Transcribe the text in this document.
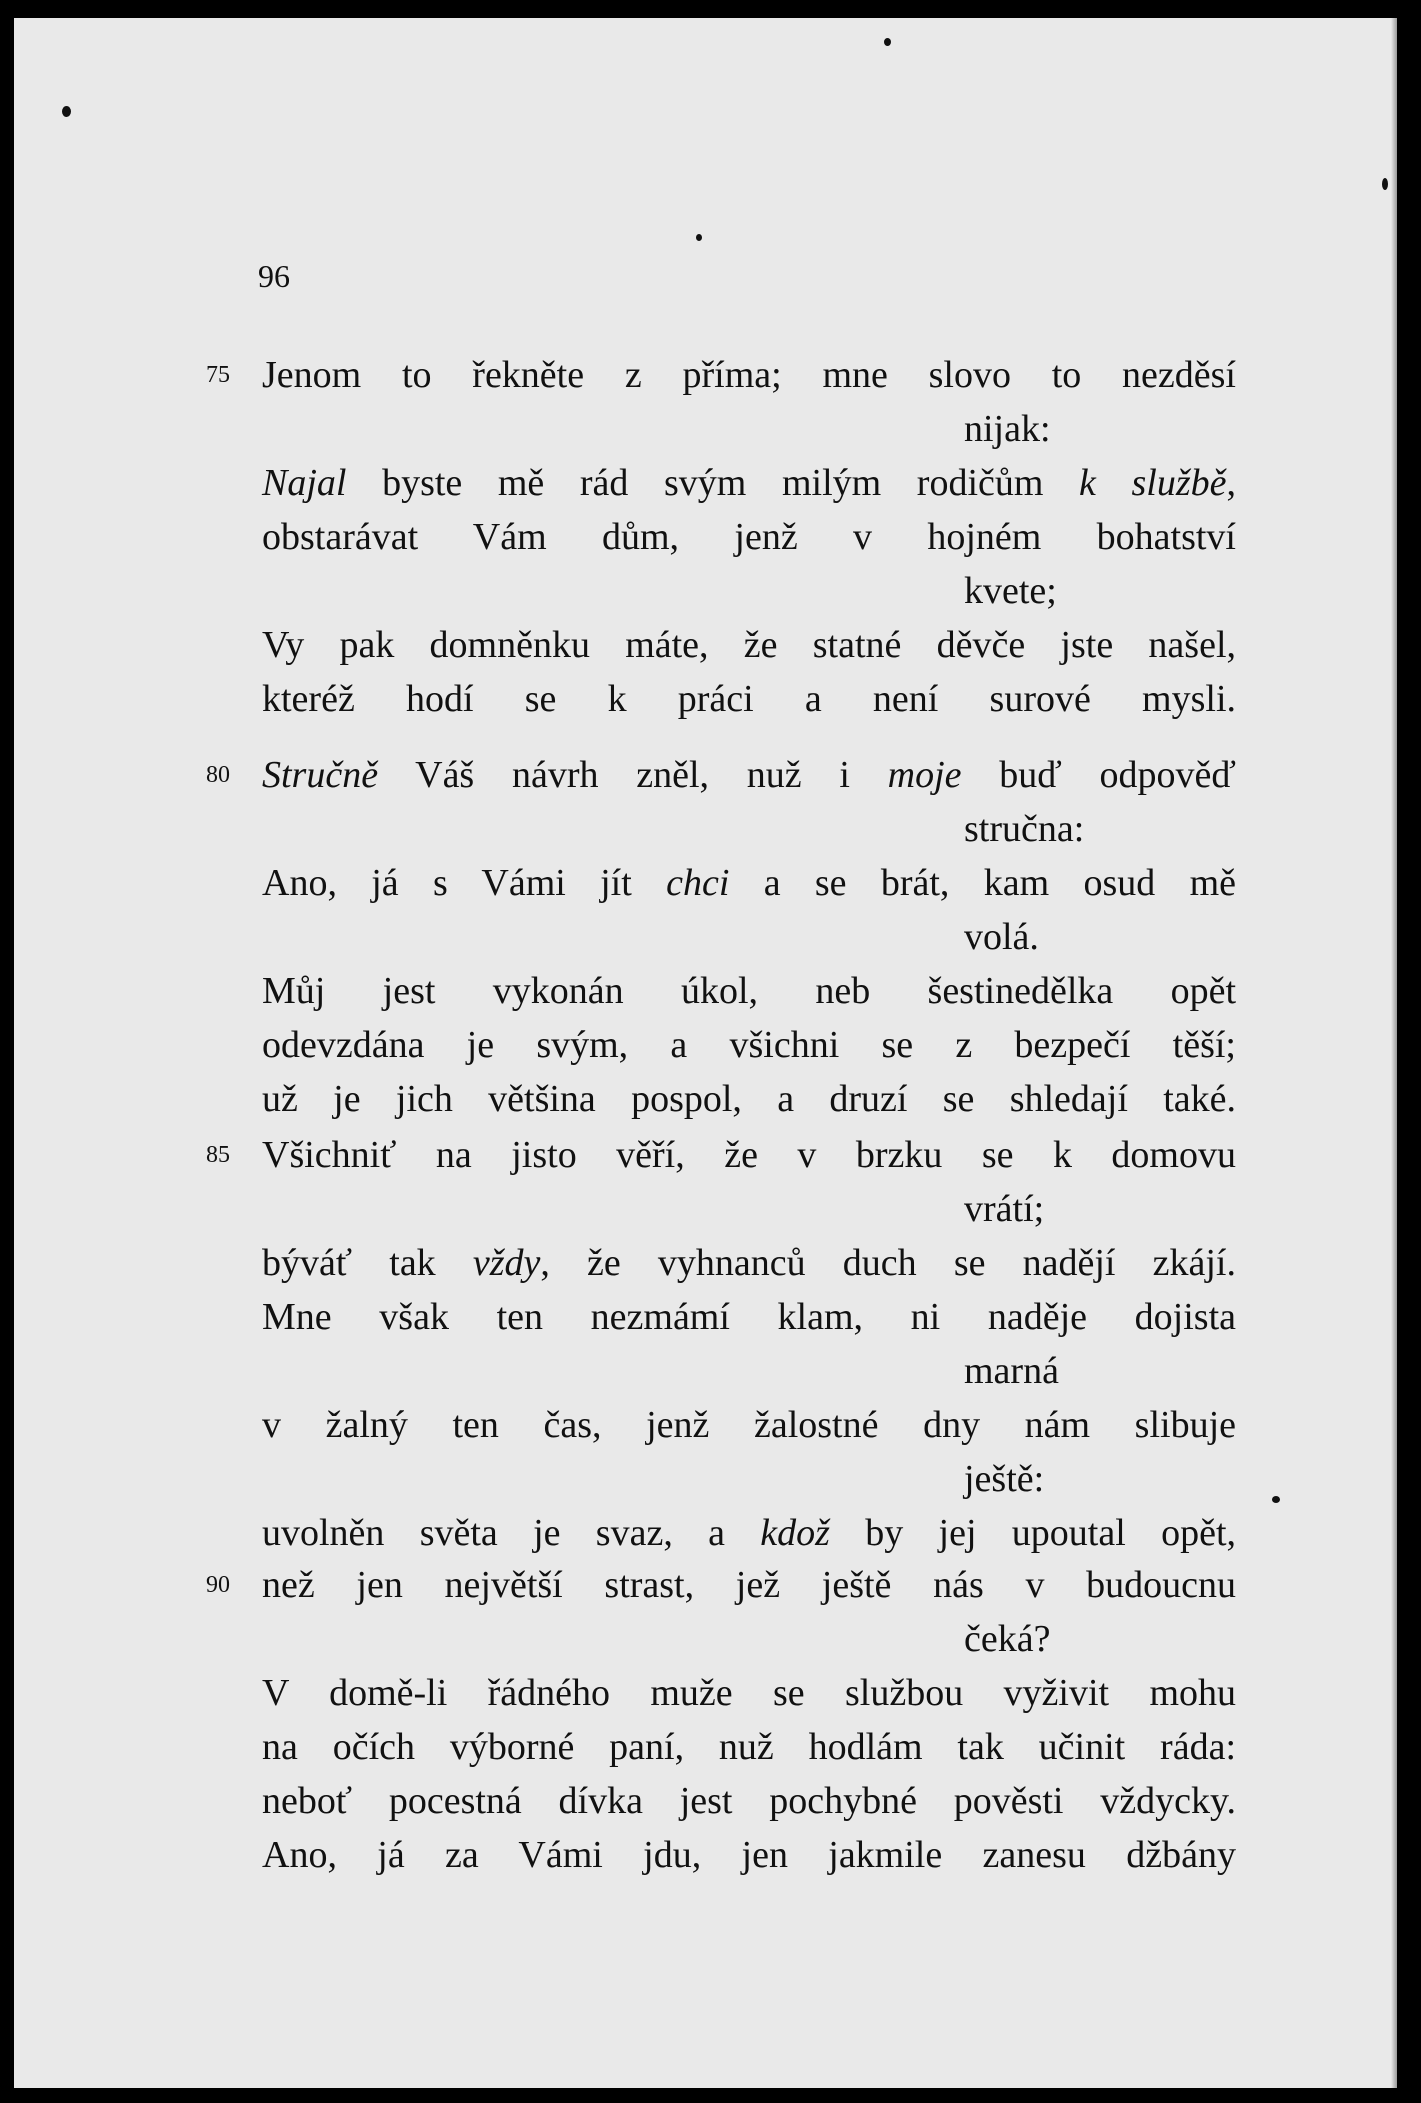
96
75
80
85
90
Jenom to řekněte z příma; mne slovo to nezděsí
nijak:
Najal byste mě rád svým milým rodičům k službě,
obstarávat Vám dům, jenž v hojném bohatství
kvete;
Vy pak domněnku máte, že statné děvče jste našel,
kteréž hodí se k práci a není surové mysli.
Stručně Váš návrh zněl, nuž i moje buď odpověď
stručna:
Ano, já s Vámi jít chci a se brát, kam osud mě
volá.
Můj jest vykonán úkol, neb šestinedělka opět
odevzdána je svým, a všichni se z bezpečí těší;
už je jich většina pospol, a druzí se shledají také.
Všichniť na jisto věří, že v brzku se k domovu
vrátí;
býváť tak vždy, že vyhnanců duch se nadějí zkájí.
Mne však ten nezmámí klam, ni naděje dojista
marná
v žalný ten čas, jenž žalostné dny nám slibuje
ještě:
uvolněn světa je svaz, a kdož by jej upoutal opět,
než jen největší strast, jež ještě nás v budoucnu
čeká?
V domě-li řádného muže se službou vyživit mohu
na očích výborné paní, nuž hodlám tak učinit ráda:
neboť pocestná dívka jest pochybné pověsti vždycky.
Ano, já za Vámi jdu, jen jakmile zanesu džbány
